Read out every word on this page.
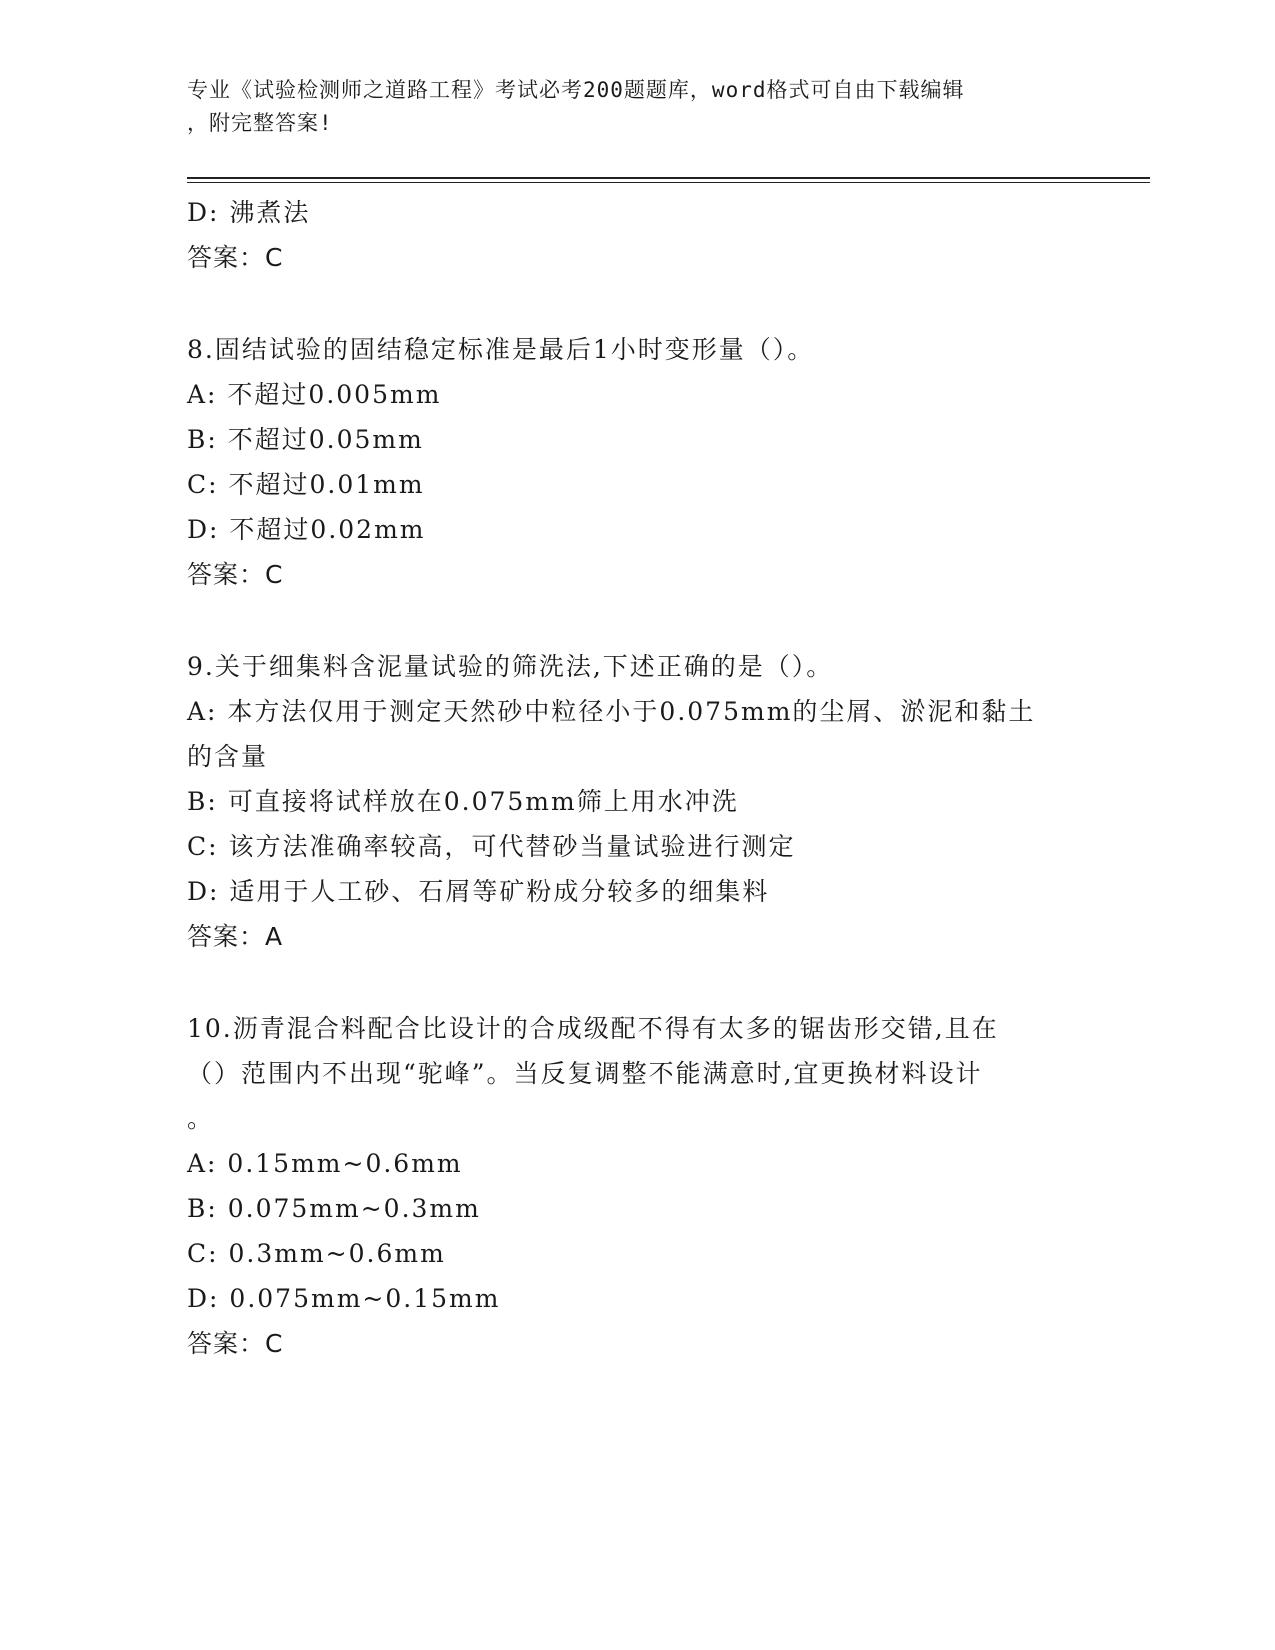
专业《试验检测师之道路工程》考试必考200题题库，word格式可自由下载编辑
，附完整答案!
D: 沸煮法
答案：C
8.固结试验的固结稳定标准是最后1小时变形量（）。
A: 不超过0.005mm
B: 不超过0.05mm
C: 不超过0.01mm
D: 不超过0.02mm
答案：C
9.关于细集料含泥量试验的筛洗法,下述正确的是（）。
A: 本方法仅用于测定天然砂中粒径小于0.075mm的尘屑、淤泥和黏土
的含量
B: 可直接将试样放在0.075mm筛上用水冲洗
C: 该方法准确率较高，可代替砂当量试验进行测定
D: 适用于人工砂、石屑等矿粉成分较多的细集料
答案：A
10.沥青混合料配合比设计的合成级配不得有太多的锯齿形交错,且在
（）范围内不出现“驼峰”。当反复调整不能满意时,宜更换材料设计
。
A: 0.15mm~0.6mm
B: 0.075mm~0.3mm
C: 0.3mm~0.6mm
D: 0.075mm~0.15mm
答案：C
